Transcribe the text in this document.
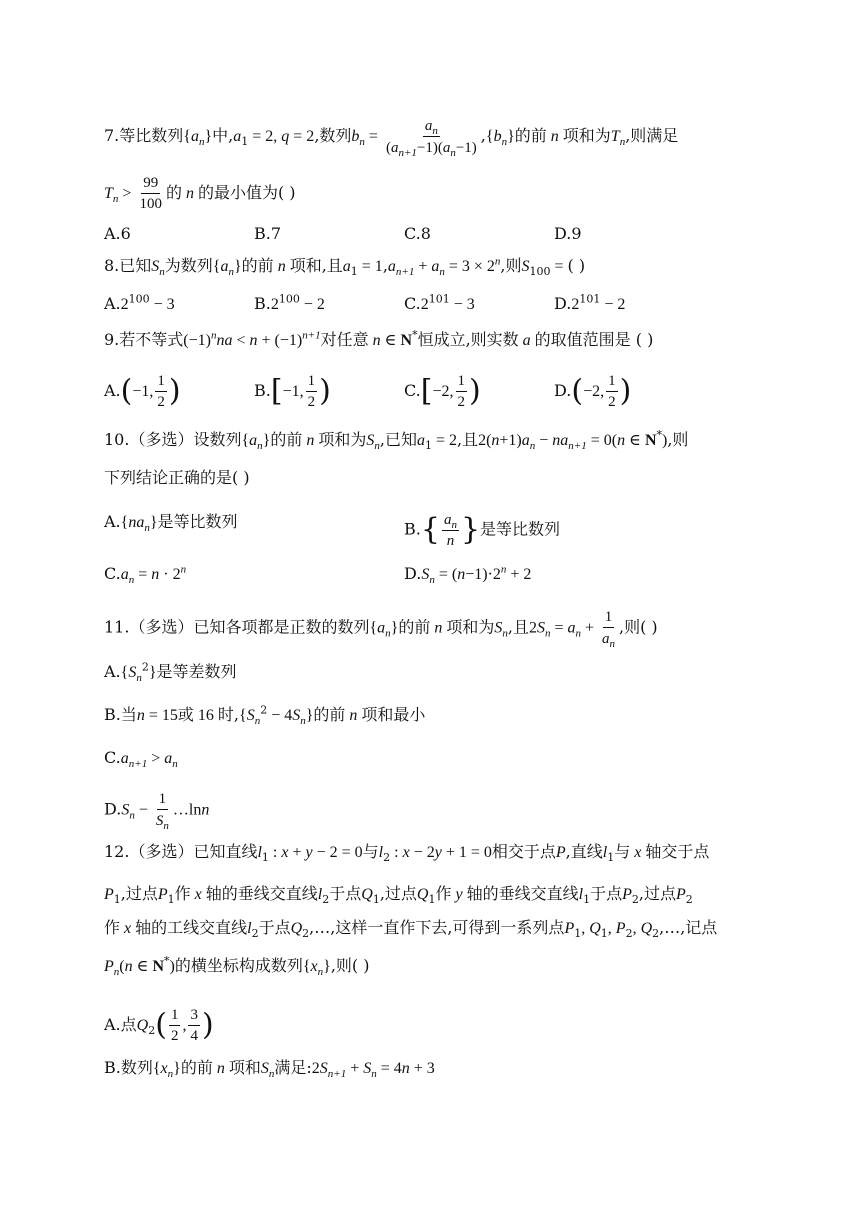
7.等比数列$\{a_n\}$中$,a_1 = 2$, q = 2,数列$b_n = \frac{a_n}{(a_{n+1}-1)(a_n-1)} ,\{b_n\}$的前 n 项和为$T_n$,则满足
$T_n > \frac{99}{100}$ 的 n 的最小值为( )
A.6	B.7	C.8	D.9
8.已知$S_n$为数列$\{a_n\}$的前 n 项和,且$a_1 = 1,a_{n+1} + a_n = 3 \times 2^n$,则$S_{100}$ = ( )
$A.2^{100} - 3$	$B.2^{100} - 2$	$C.2^{101} - 3$	$D.2^{101} - 2$
9.若不等式$(-1)^nna < n + (-1)^{n+1}$对任意 n ∈ N*恒成立,则实数 a 的取值范围是 ( )
A.(−1, $\frac{1}{2}$ )	B.[−1, $\frac{1}{2}$ )	C.[−2, $\frac{1}{2}$ )	D.(−2, $\frac{1}{2}$ )
10.（多选）设数列$\{a_n\}$的前 n 项和为$S_n$,已知$a_1 = 2$,且$2(n+1)a_n - na_{n+1} = 0(n$ ∈ N*),则
下列结论正确的是( )
$A.\{na_n\}$是等比数列	$B.\{ \frac{a_n}{n}$ }是等比数列
$C.a_n = n \cdot 2^n$	$D.S_n = (n-1)\cdot 2^n + 2$
11.（多选）已知各项都是正数的数列$\{a_n\}$的前 n 项和为$S_n$,且$2S_n = a_n + \frac{1}{a_n}$ ,则( )
$A.\{S_n^2\}$是等差数列
B.当n = 15或 16 时$,\{S_n^2 - 4S_n\}$的前 n 项和最小
$C.a_{n+1} > a_n$
$D.S_n - \frac{1}{S_n}$ …lnn
12.（多选）已知直线$l_1$ : x + y − 2 = 0与$l_2$ : x − 2y + 1 = 0相交于点P,直线$l_1$与 x 轴交于点
$P_1$,过点$P_1$作 x 轴的垂线交直线$l_2$于点$Q_1$,过点$Q_1$作 y 轴的垂线交直线$l_1$于点$P_2$,过点$P_2$
作 x 轴的工线交直线$l_2$于点$Q_2,\dots$,这样一直作下去,可得到一系列点$P_1$, $Q_1$, $P_2$, $Q_2,\dots$,记点
$P_n(n$ ∈ N*)的横坐标构成数列$\{x_n\}$,则( )
A.点$Q_2( \frac{1}{2}$ , $\frac{3}{4}$ )
B.数列$\{x_n\}$的前 n 项和$S_n$满足$:2S_{n+1} + S_n = 4n + 3$
